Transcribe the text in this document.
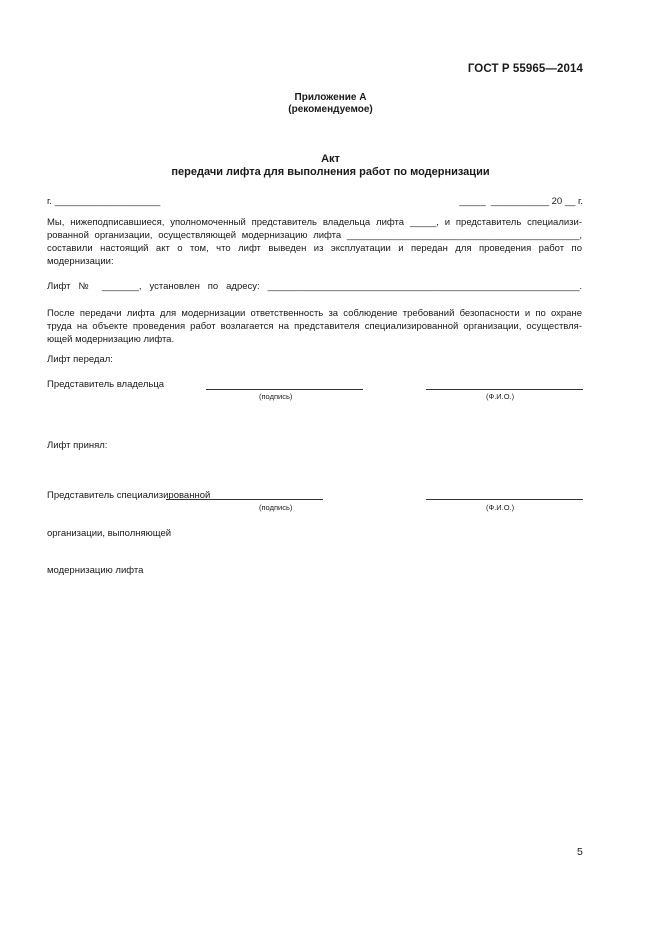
ГОСТ Р 55965—2014
Приложение А
(рекомендуемое)
Акт
передачи лифта для выполнения работ по модернизации
г. ____________________	_____  ___________ 20 __ г.
Мы, нижеподписавшиеся, уполномоченный представитель владельца лифта _____, и представитель специализи-
рованной организации, осуществляющей модернизацию лифта ____________________________________________,
составили настоящий акт о том, что лифт выведен из эксплуатации и передан для проведения работ по
модернизации:
Лифт № _______, установлен по адресу: ___________________________________________________________.
После передачи лифта для модернизации ответственность за соблюдение требований безопасности и по охране
труда на объекте проведения работ возлагается на представителя специализированной организации, осуществля-
ющей модернизацию лифта.
Лифт передал:
Представитель владельца
(подпись)	(Ф.И.О.)
Лифт принял:

Представитель специализированной

организации, выполняющей

модернизацию лифта

(подпись)	(Ф.И.О.)
5
